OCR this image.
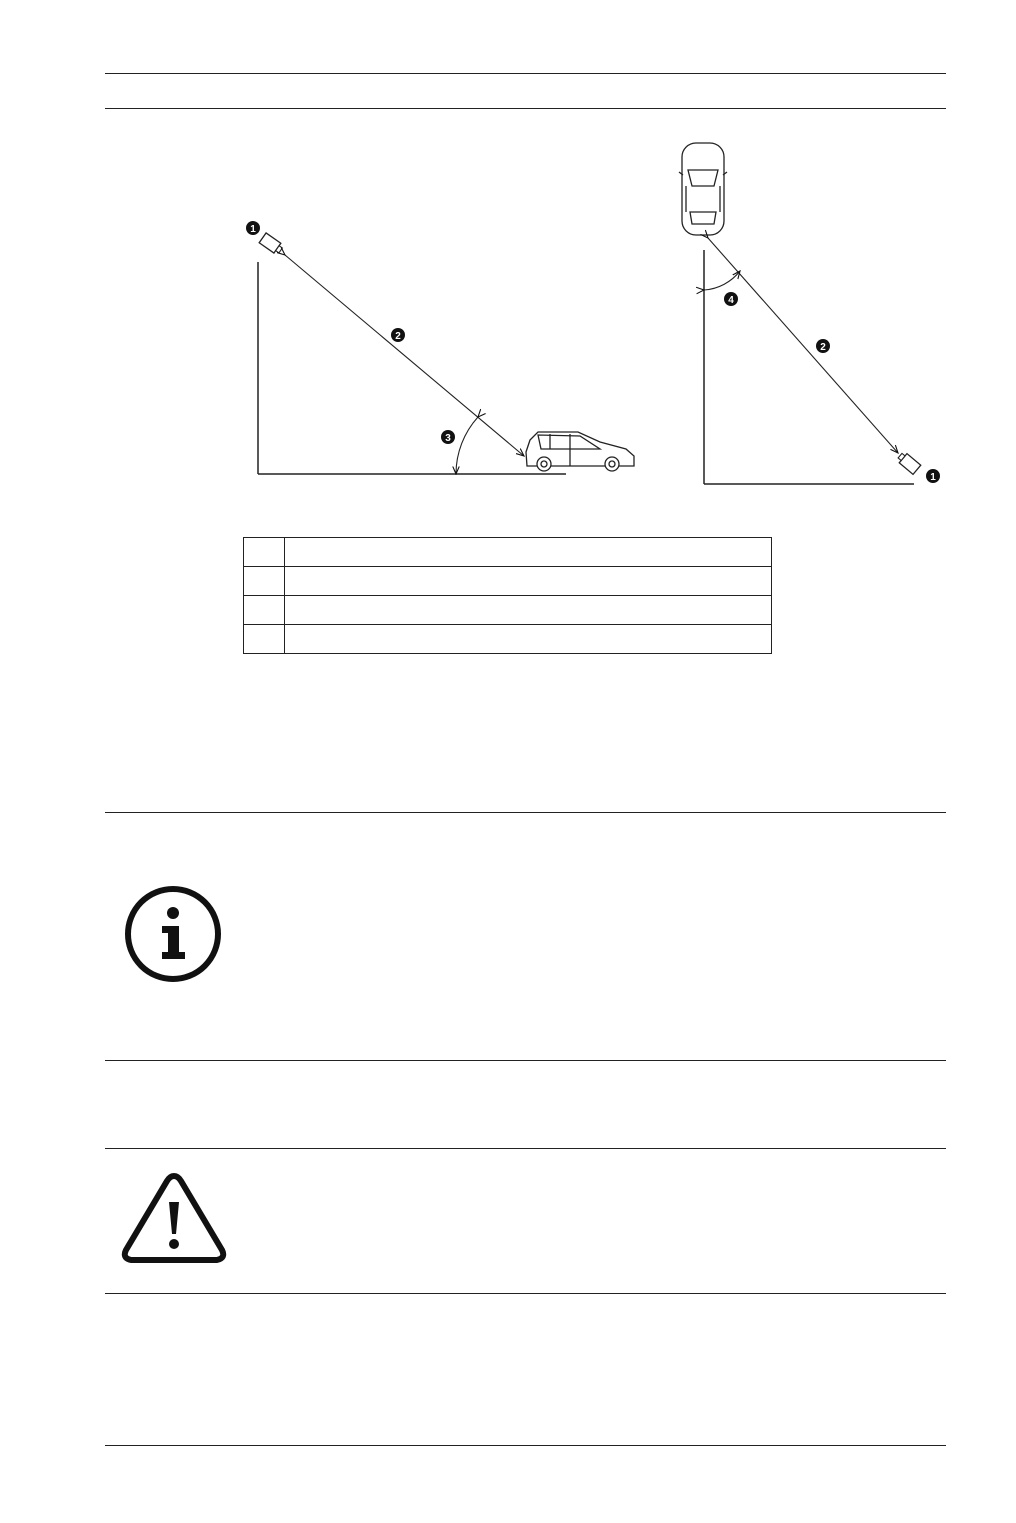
1
2
3
4
2
1
